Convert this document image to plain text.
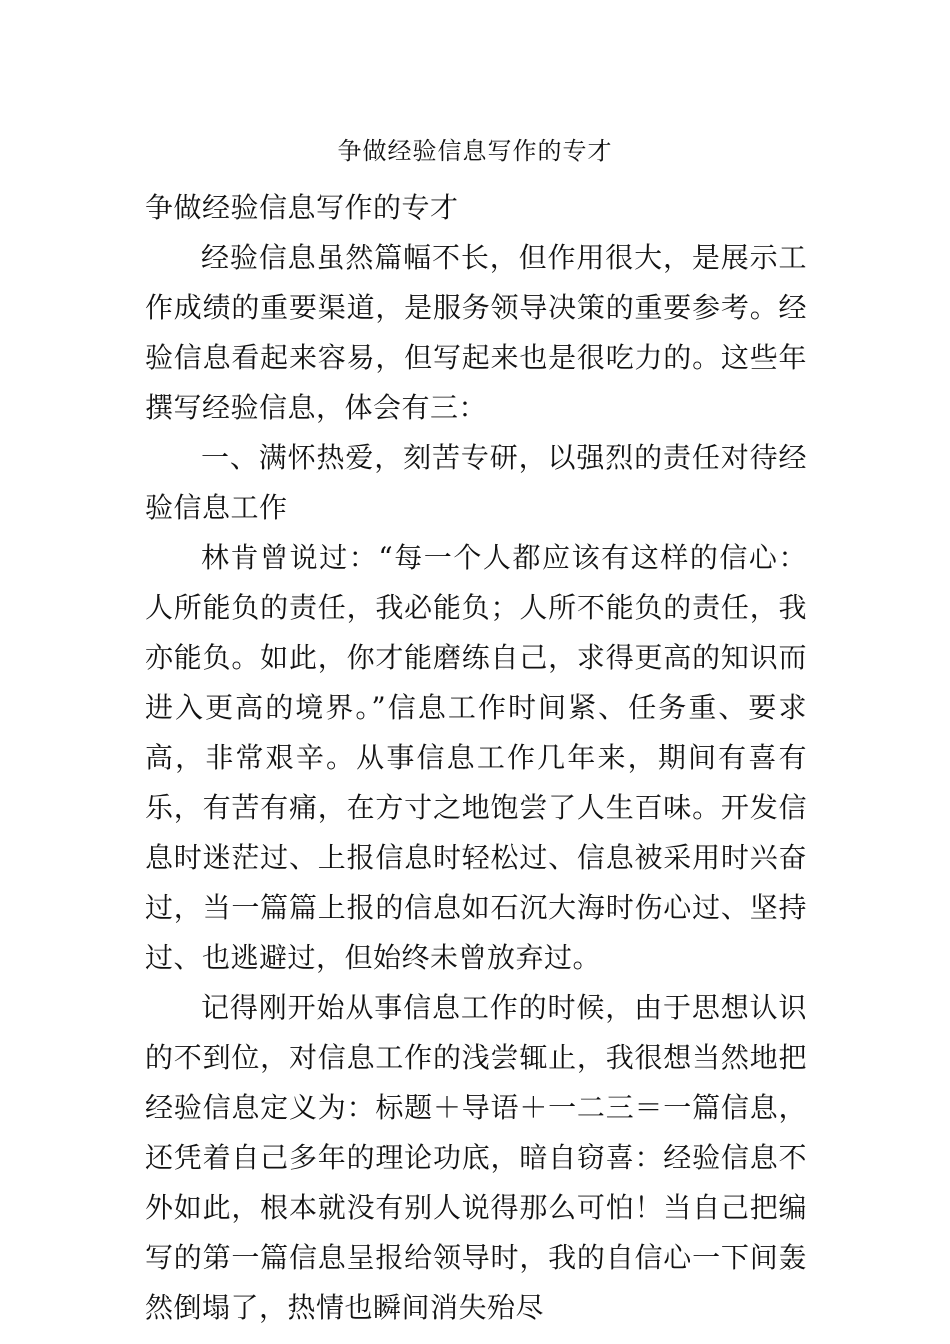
争做经验信息写作的专才

争做经验信息写作的专才

经验信息虽然篇幅不长，但作用很大，是展示工作成绩的重要渠道，是服务领导决策的重要参考。经验信息看起来容易，但写起来也是很吃力的。这些年撰写经验信息，体会有三：

一、满怀热爱，刻苦专研，以强烈的责任对待经验信息工作

林肯曾说过：“每一个人都应该有这样的信心：人所能负的责任，我必能负；人所不能负的责任，我亦能负。如此，你才能磨练自己，求得更高的知识而进入更高的境界。”信息工作时间紧、任务重、要求高，非常艰辛。从事信息工作几年来，期间有喜有乐，有苦有痛，在方寸之地饱尝了人生百味。开发信息时迷茫过、上报信息时轻松过、信息被采用时兴奋过，当一篇篇上报的信息如石沉大海时伤心过、坚持过、也逃避过，但始终未曾放弃过。

记得刚开始从事信息工作的时候，由于思想认识的不到位，对信息工作的浅尝辄止，我很想当然地把经验信息定义为：标题＋导语＋一二三＝一篇信息，还凭着自己多年的理论功底，暗自窃喜：经验信息不外如此，根本就没有别人说得那么可怕！当自己把编写的第一篇信息呈报给领导时，我的自信心一下间轰然倒塌了，热情也瞬间消失殆尽
